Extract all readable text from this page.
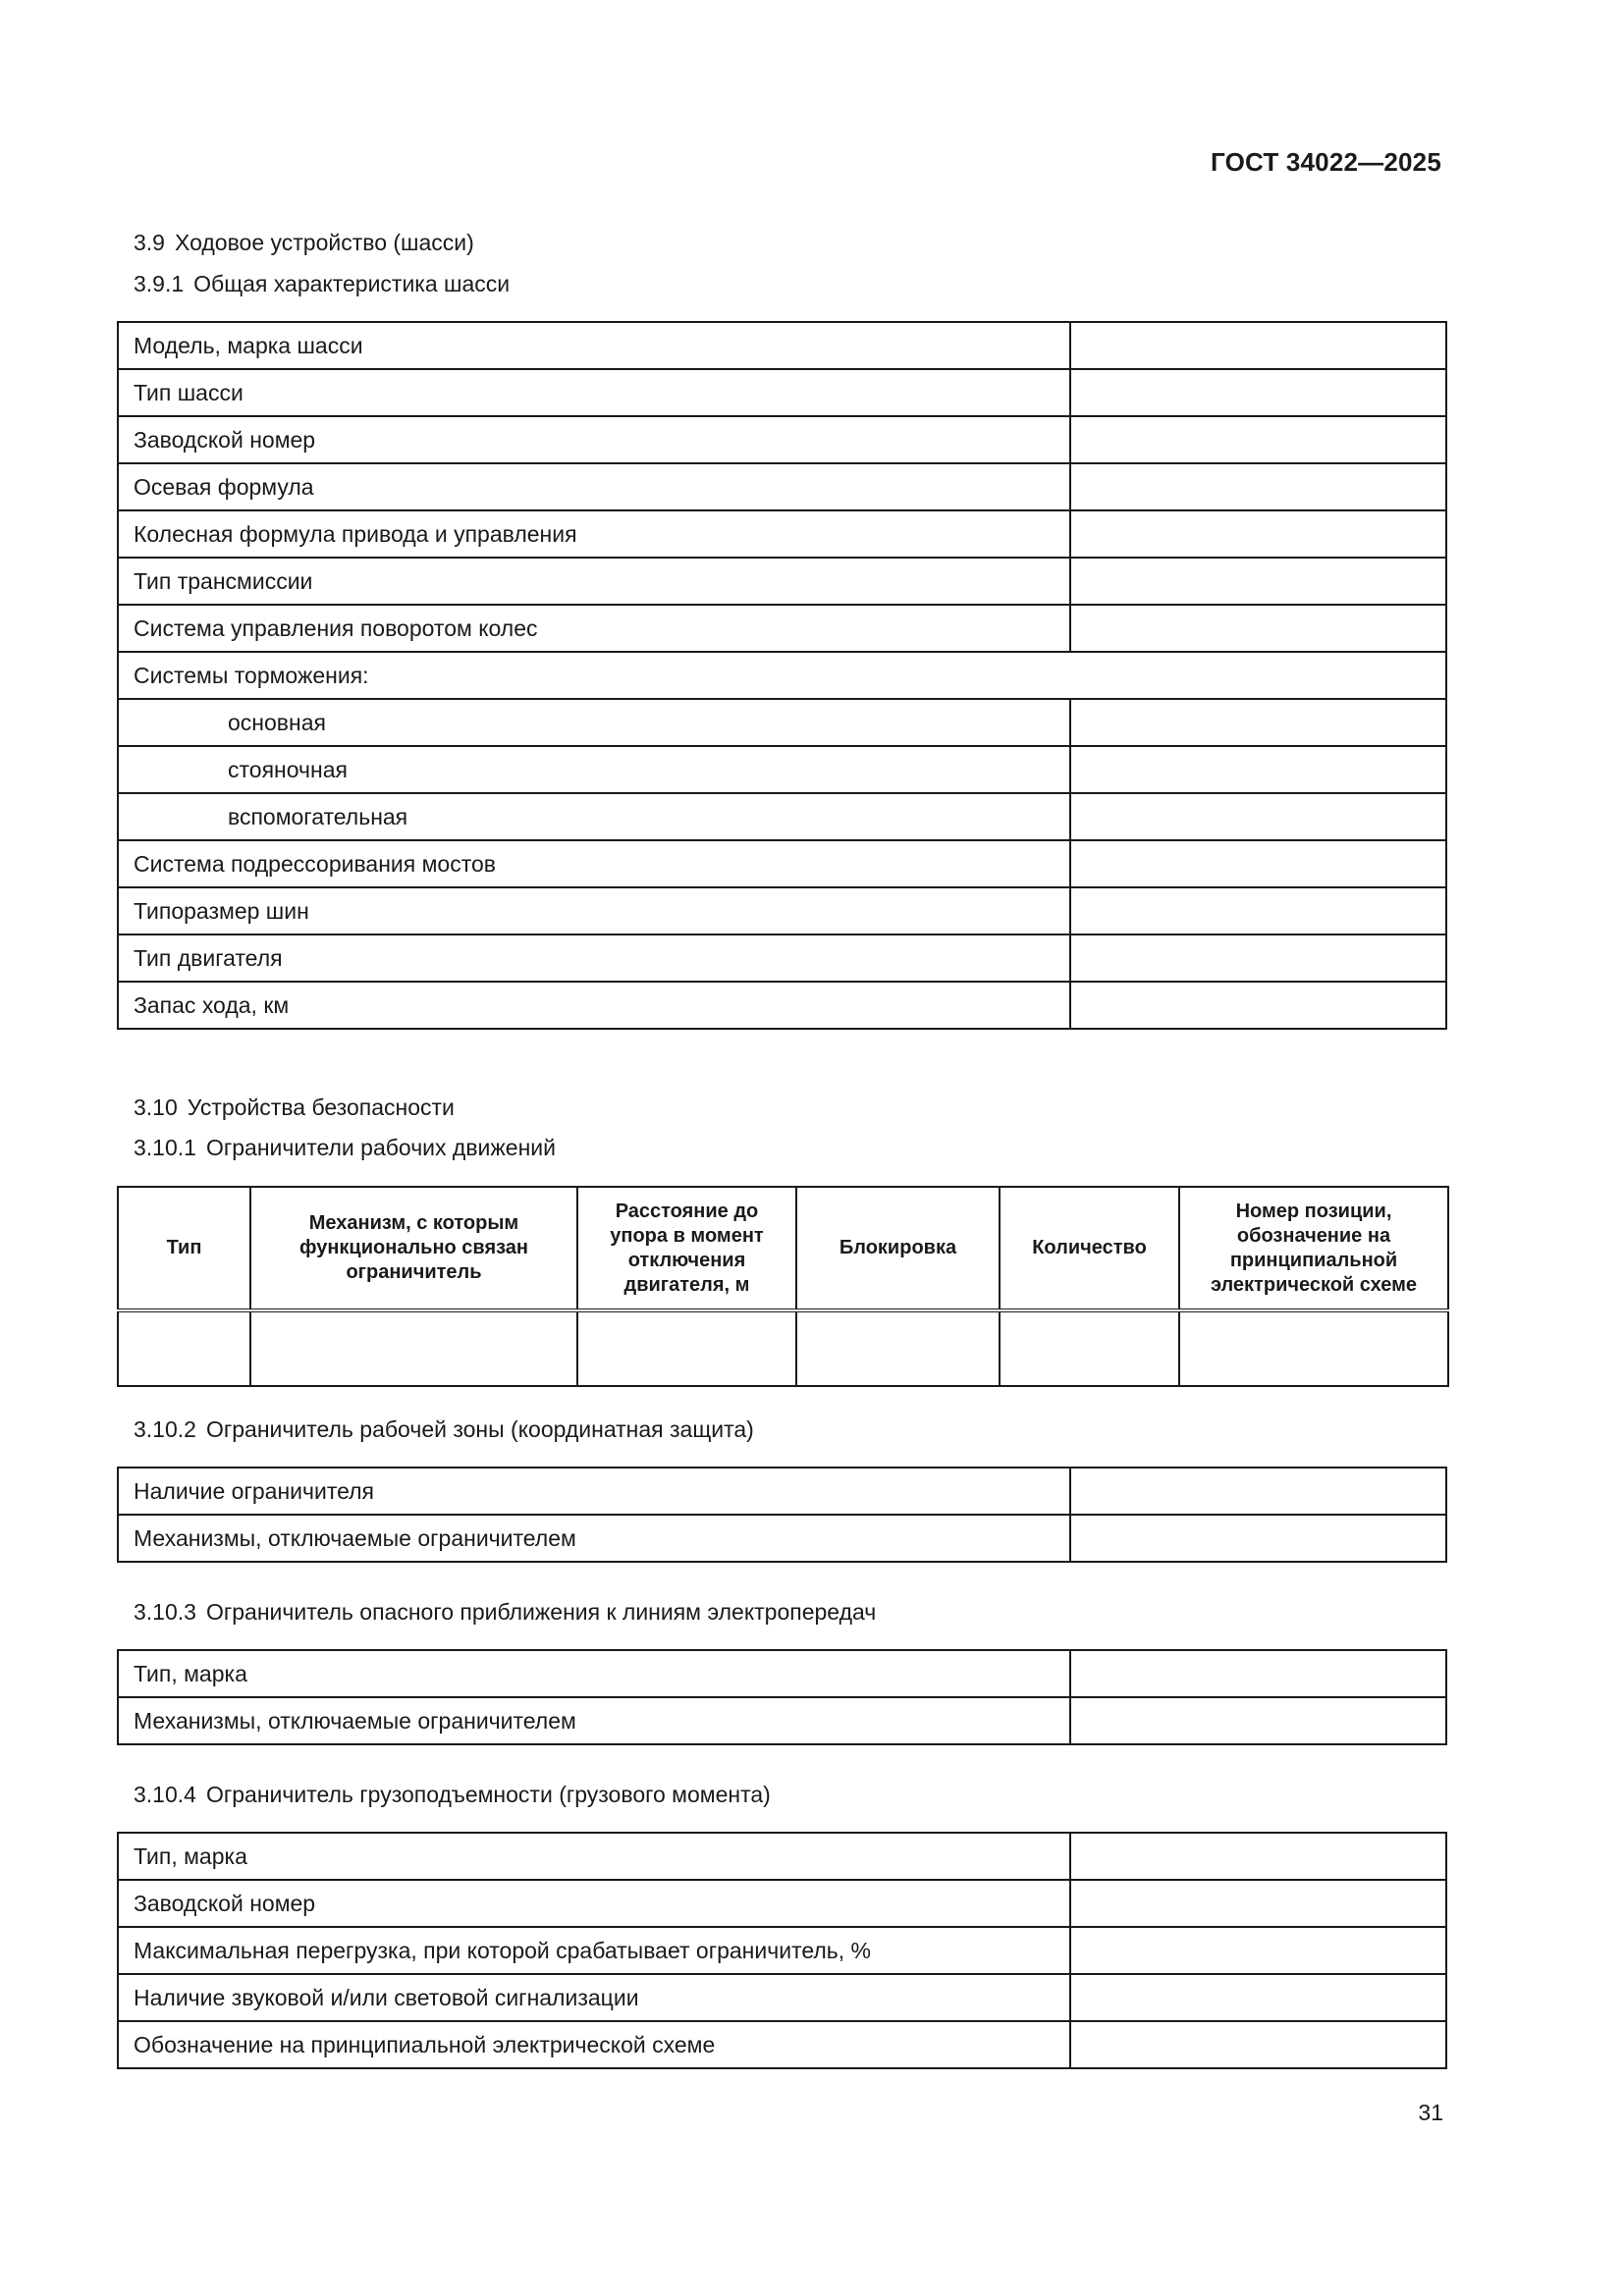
ГОСТ 34022—2025
3.9 Ходовое устройство (шасси)
3.9.1 Общая характеристика шасси
Модель, марка шасси	
Тип шасси	
Заводской номер	
Осевая формула	
Колесная формула привода и управления	
Тип трансмиссии	
Система управления поворотом колес	
Системы торможения:	
основная	
стояночная	
вспомогательная	
Система подрессоривания мостов	
Типоразмер шин	
Тип двигателя	
Запас хода, км	
3.10 Устройства безопасности
3.10.1 Ограничители рабочих движений
Тип	Механизм, с которым функционально связан ограничитель	Расстояние до упора в момент отключения двигателя, м	Блокировка	Количество	Номер позиции, обозначение на принципиальной электрической схеме

3.10.2 Ограничитель рабочей зоны (координатная защита)
Наличие ограничителя	
Механизмы, отключаемые ограничителем	
3.10.3 Ограничитель опасного приближения к линиям электропередач
Тип, марка	
Механизмы, отключаемые ограничителем	
3.10.4 Ограничитель грузоподъемности (грузового момента)
Тип, марка	
Заводской номер	
Максимальная перегрузка, при которой срабатывает ограничитель, %	
Наличие звуковой и/или световой сигнализации	
Обозначение на принципиальной электрической схеме	
31
